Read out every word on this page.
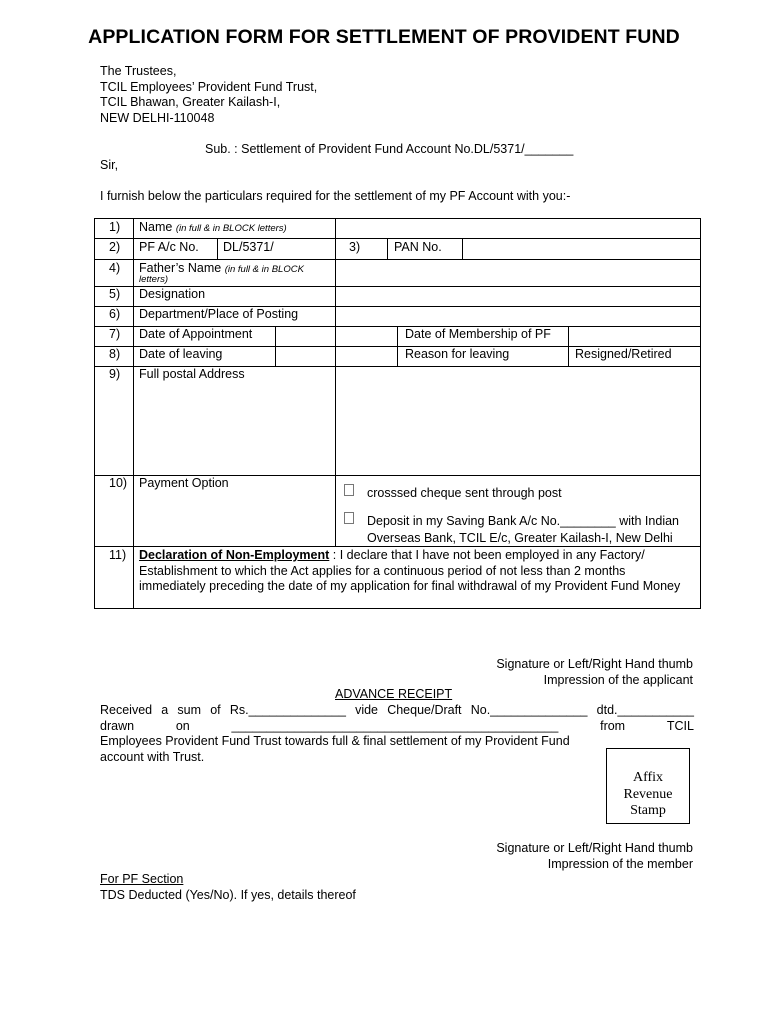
APPLICATION FORM FOR SETTLEMENT OF PROVIDENT FUND
The Trustees,
TCIL Employees’ Provident Fund Trust,
TCIL Bhawan, Greater Kailash-I,
NEW DELHI-110048
Sub. : Settlement of Provident Fund Account No.DL/5371/_______
Sir,
I furnish below the particulars required for the settlement of my PF Account with you:-
1) Name (in full & in BLOCK letters)
2) PF A/c No. DL/5371/	3)	PAN No.
4) Father’s Name (in full & in BLOCK
letters)
5) Designation
6) Department/Place of Posting
7) Date of Appointment	Date of Membership of PF
8) Date of leaving	Reason for leaving	Resigned/Retired
9) Full postal Address
10) Payment Option
crosssed cheque sent through post
Deposit in my Saving Bank A/c No.________ with Indian
Overseas Bank, TCIL E/c, Greater Kailash-I, New Delhi
11) Declaration of Non-Employment : I declare that I have not been employed in any Factory/ Establishment to which the Act applies for a continuous period of not less than 2 months immediately preceding the date of my application for final withdrawal of my Provident Fund Money
Signature or Left/Right Hand thumb
Impression of the applicant
ADVANCE RECEIPT
Received a sum of Rs.______________ vide Cheque/Draft No.______________ dtd.___________
drawn	on	_______________________________________________	from	TCIL
Employees Provident Fund Trust towards full & final settlement of my Provident Fund
account with Trust.
Affix
Revenue
Stamp
Signature or Left/Right Hand thumb
Impression of the member
For PF Section
TDS Deducted (Yes/No). If yes, details thereof
